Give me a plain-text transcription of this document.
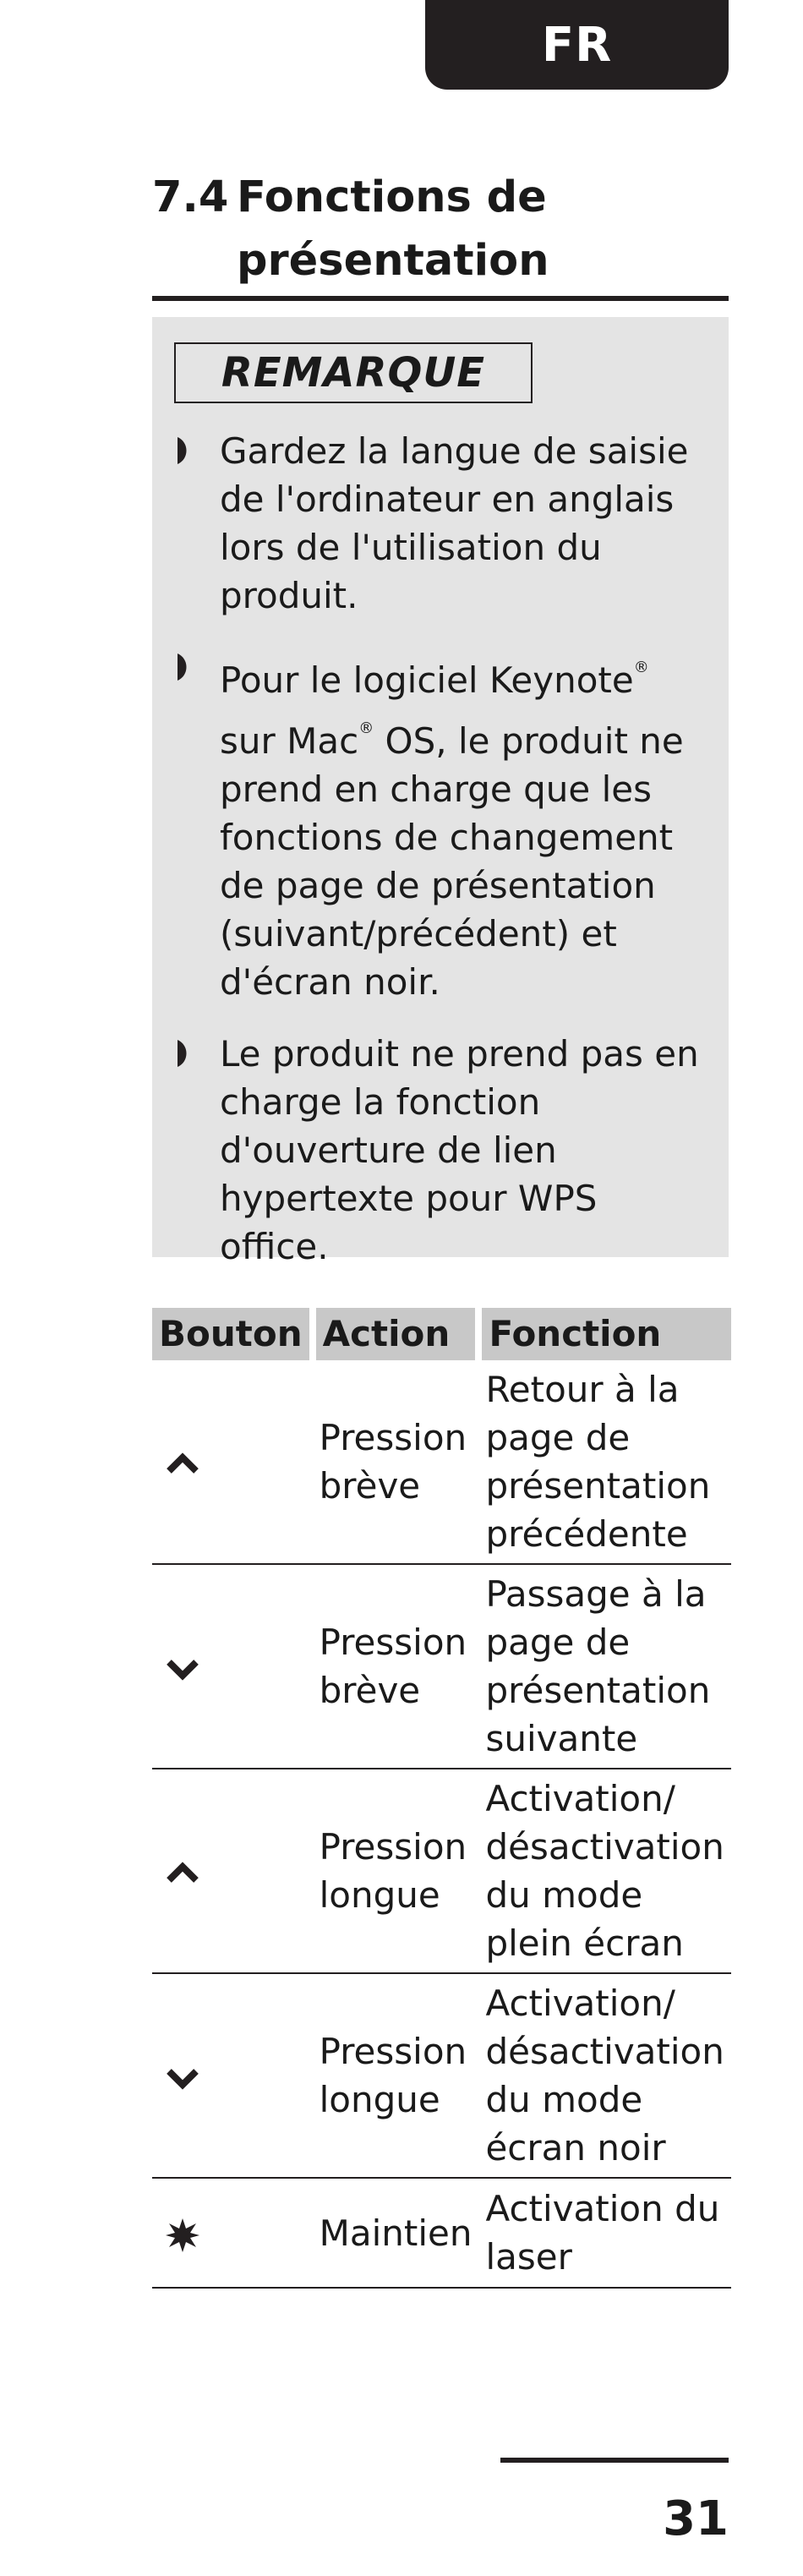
FR
7.4 Fonctions de
présentation
REMARQUE
Gardez la langue de saisie de l'ordinateur en anglais lors de l'utilisation du produit.
Pour le logiciel Keynote® sur Mac® OS, le produit ne prend en charge que les fonctions de changement de page de présentation (suivant/précédent) et d'écran noir.
Le produit ne prend pas en charge la fonction d'ouverture de lien hypertexte pour WPS office.
Bouton	Action	Fonction

	Pression brève	Retour à la page de présentation précédente

	Pression brève	Passage à la page de présentation suivante

	Pression longue	Activation/ désactivation du mode plein écran

	Pression longue	Activation/ désactivation du mode écran noir

	Maintien	Activation du laser
31
